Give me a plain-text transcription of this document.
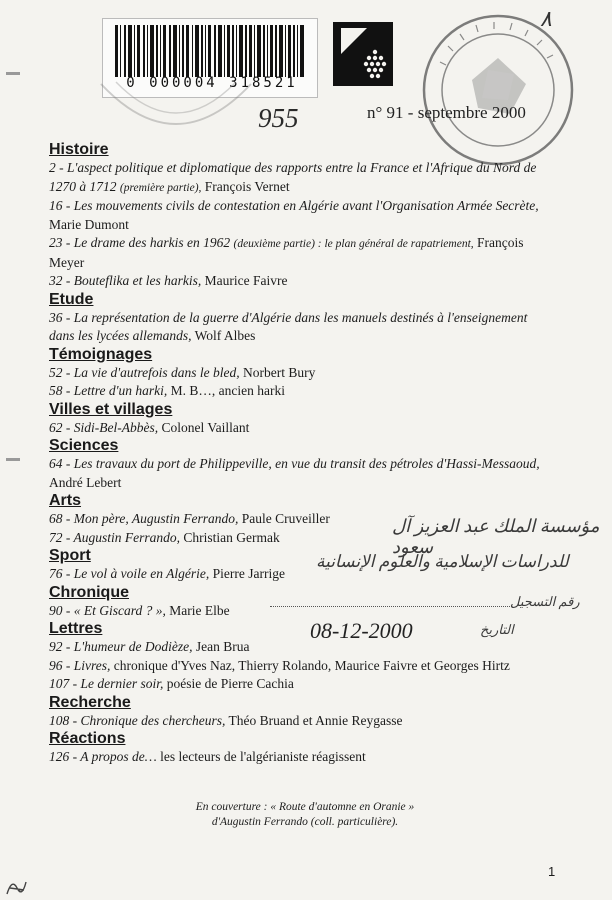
0 000004 318521
٨
955	n° 91 - septembre 2000
Histoire

2 - L'aspect politique et diplomatique des rapports entre la France et l'Afrique du Nord de 1270 à 1712 (première partie), François Vernet

16 - Les mouvements civils de contestation en Algérie avant l'Organisation Armée Secrète, Marie Dumont

23 - Le drame des harkis en 1962 (deuxième partie) : le plan général de rapatriement, François Meyer

32 - Bouteflika et les harkis, Maurice Faivre

Etude

36 - La représentation de la guerre d'Algérie dans les manuels destinés à l'enseignement dans les lycées allemands, Wolf Albes

Témoignages

52 - La vie d'autrefois dans le bled, Norbert Bury

58 - Lettre d'un harki, M. B…, ancien harki

Villes et villages

62 - Sidi-Bel-Abbès, Colonel Vaillant

Sciences

64 - Les travaux du port de Philippeville, en vue du transit des pétroles d'Hassi-Messaoud, André Lebert

Arts

68 - Mon père, Augustin Ferrando, Paule Cruveiller

72 - Augustin Ferrando, Christian Germak

Sport

76 - Le vol à voile en Algérie, Pierre Jarrige

Chronique

90 - « Et Giscard ? », Marie Elbe

Lettres

92 - L'humeur de Dodièze, Jean Brua

96 - Livres, chronique d'Yves Naz, Thierry Rolando, Maurice Faivre et Georges Hirtz

107 - Le dernier soir, poésie de Pierre Cachia

Recherche

108 - Chronique des chercheurs, Théo Bruand et Annie Reygasse

Réactions

126 - A propos de… les lecteurs de l'algérianiste réagissent

مؤسسة الملك عبد العزيز آل سعود
للدراسات الإسلامية والعلوم الإنسانية
رقم التسجيل
التاريخ
08-12-2000
En couverture : « Route d'automne en Oranie »
d'Augustin Ferrando (coll. particulière).
1
